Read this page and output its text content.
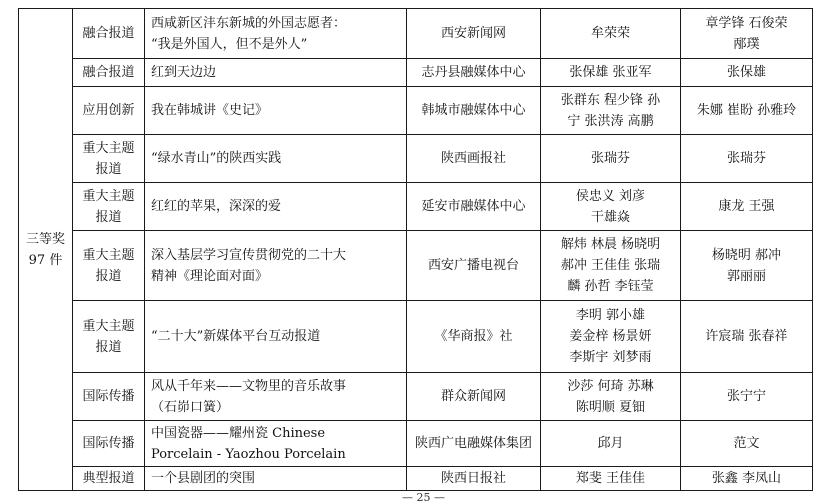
三等奖
97 件	融合报道	西咸新区沣东新城的外国志愿者：
“我是外国人，但不是外人”	西安新闻网	牟荣荣	章学锋 石俊荣
邴璞

	融合报道	红到天边边	志丹县融媒体中心	张保雄 张亚军	张保雄

	应用创新	我在韩城讲《史记》	韩城市融媒体中心	张群东 程少锋 孙
宁 张洪涛 高鹏	朱娜 崔盼 孙雅玲

	重大主题
报道	“绿水青山”的陕西实践	陕西画报社	张瑞芬	张瑞芬

	重大主题
报道	红红的苹果，深深的爱	延安市融媒体中心	侯忠义 刘彦
干雄焱	康龙 王强

	重大主题
报道	深入基层学习宣传贯彻党的二十大
精神《理论面对面》	西安广播电视台	解炜 林晨 杨晓明
郝冲 王佳佳 张瑞
麟 孙哲 李钰莹	杨晓明 郝冲
郭丽丽

	重大主题
报道	“二十大”新媒体平台互动报道	《华商报》社	李明 郭小雄
姜金梓 杨景妍
李斯宇 刘梦雨	许宸瑞 张春祥

	国际传播	风从千年来——文物里的音乐故事
（石峁口簧）	群众新闻网	沙莎 何琦 苏琳
陈明顺 夏钿	张宁宁

	国际传播	中国瓷器——耀州瓷 Chinese
Porcelain - Yaozhou Porcelain	陕西广电融媒体集团	邱月	范文

	典型报道	一个县剧团的突围	陕西日报社	郑斐 王佳佳	张鑫 李凤山
— 25 —
